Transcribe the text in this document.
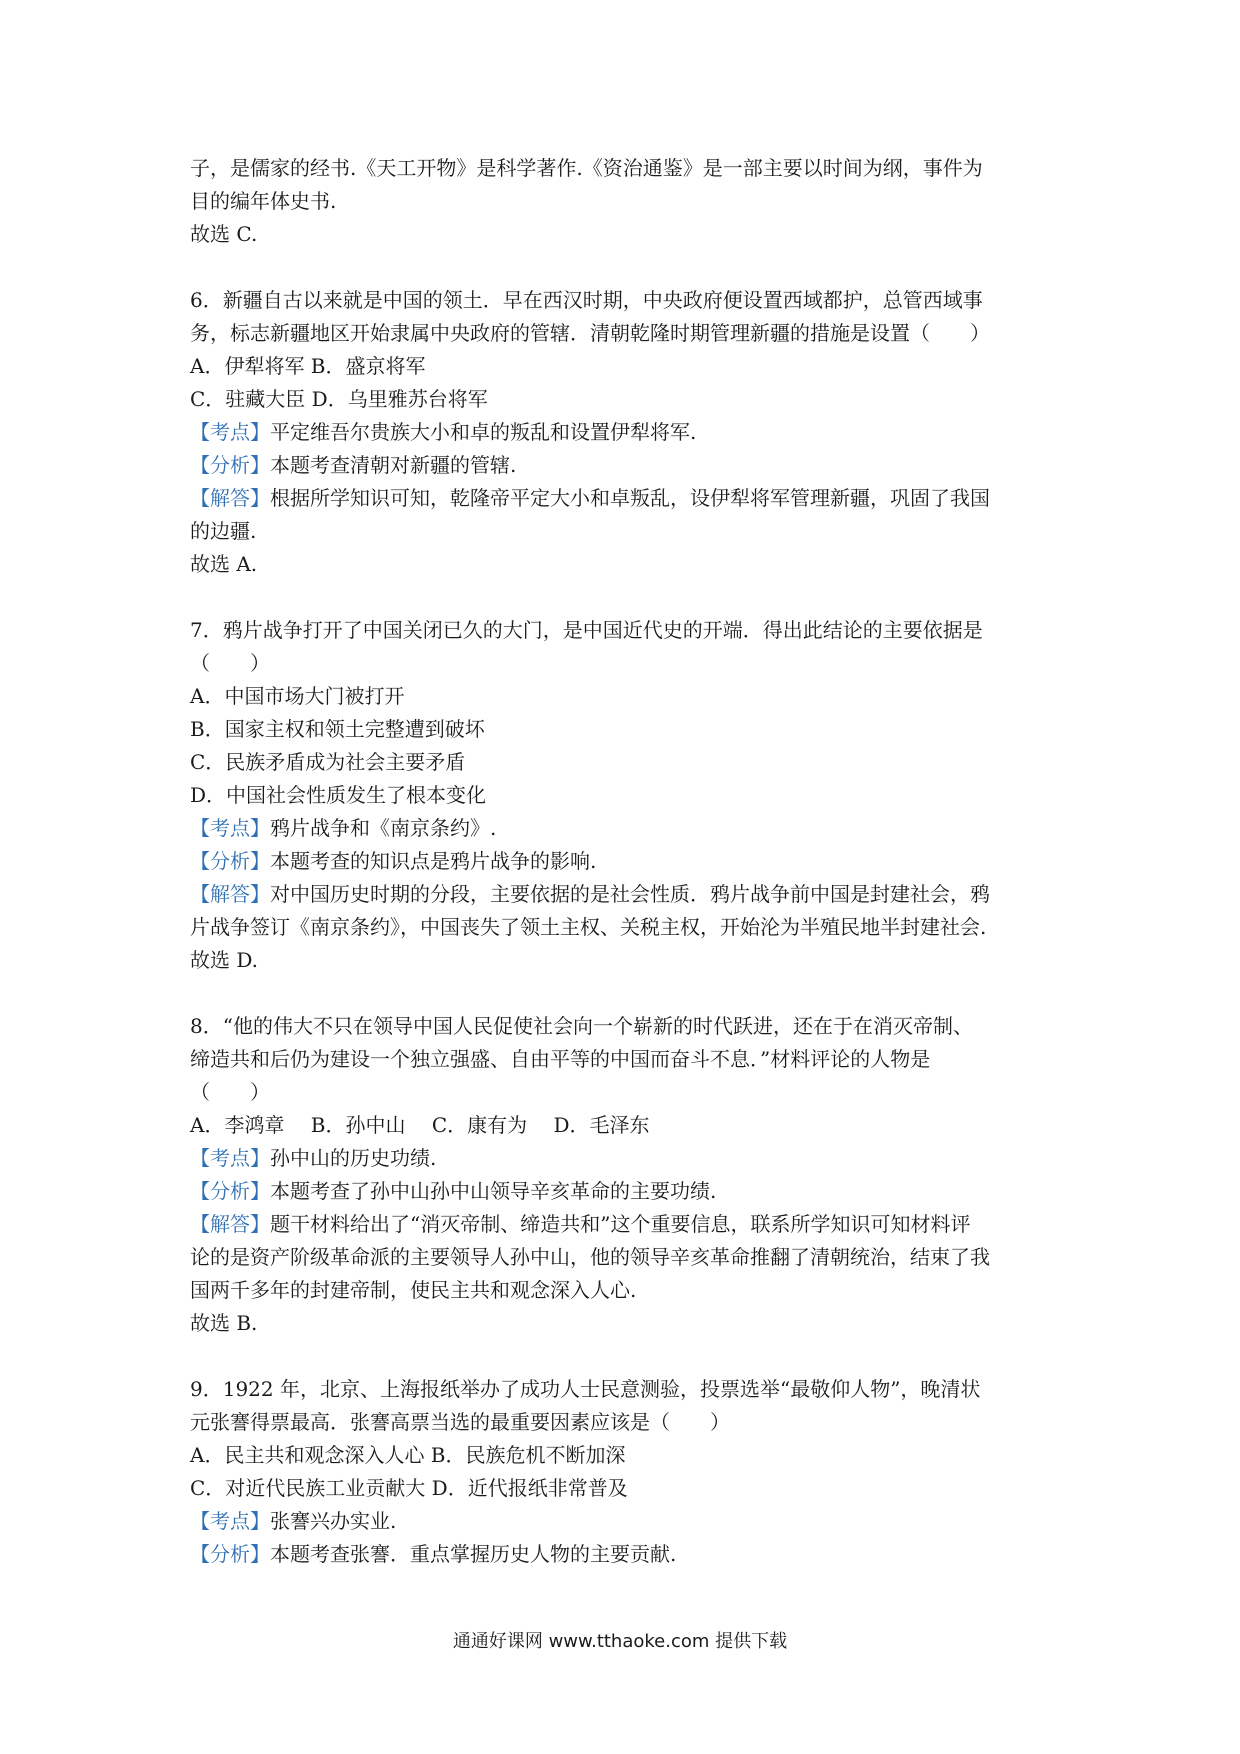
子，是儒家的经书.《天工开物》是科学著作.《资治通鉴》是一部主要以时间为纲，事件为
目的编年体史书.
故选 C.
6．新疆自古以来就是中国的领土．早在西汉时期，中央政府便设置西域都护，总管西域事
务，标志新疆地区开始隶属中央政府的管辖．清朝乾隆时期管理新疆的措施是设置（　　）
A．伊犁将军 B．盛京将军
C．驻藏大臣 D．乌里雅苏台将军
【考点】平定维吾尔贵族大小和卓的叛乱和设置伊犁将军.
【分析】本题考查清朝对新疆的管辖.
【解答】根据所学知识可知，乾隆帝平定大小和卓叛乱，设伊犁将军管理新疆，巩固了我国
的边疆.
故选 A.
7．鸦片战争打开了中国关闭已久的大门，是中国近代史的开端．得出此结论的主要依据是
（　　）
A．中国市场大门被打开
B．国家主权和领土完整遭到破坏
C．民族矛盾成为社会主要矛盾
D．中国社会性质发生了根本变化
【考点】鸦片战争和《南京条约》.
【分析】本题考查的知识点是鸦片战争的影响.
【解答】对中国历史时期的分段，主要依据的是社会性质．鸦片战争前中国是封建社会，鸦
片战争签订《南京条约》，中国丧失了领土主权、关税主权，开始沦为半殖民地半封建社会.
故选 D.
8．“他的伟大不只在领导中国人民促使社会向一个崭新的时代跃进，还在于在消灭帝制、
缔造共和后仍为建设一个独立强盛、自由平等的中国而奋斗不息．”材料评论的人物是
（　　）
A．李鸿章　 B．孙中山　 C．康有为　 D．毛泽东
【考点】孙中山的历史功绩.
【分析】本题考查了孙中山孙中山领导辛亥革命的主要功绩.
【解答】题干材料给出了“消灭帝制、缔造共和”这个重要信息，联系所学知识可知材料评
论的是资产阶级革命派的主要领导人孙中山，他的领导辛亥革命推翻了清朝统治，结束了我
国两千多年的封建帝制，使民主共和观念深入人心.
故选 B.
9．1922 年，北京、上海报纸举办了成功人士民意测验，投票选举“最敬仰人物”，晚清状
元张謇得票最高．张謇高票当选的最重要因素应该是（　　）
A．民主共和观念深入人心 B．民族危机不断加深
C．对近代民族工业贡献大 D．近代报纸非常普及
【考点】张謇兴办实业.
【分析】本题考查张謇．重点掌握历史人物的主要贡献.
通通好课网 www.tthaoke.com 提供下载
